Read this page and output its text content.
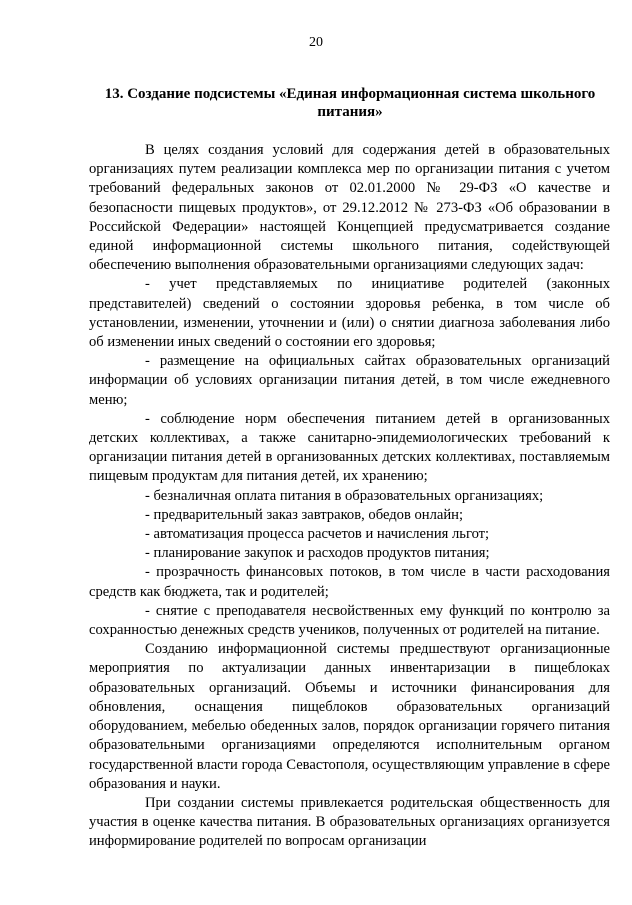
20
13. Создание подсистемы «Единая информационная система школьного питания»

В целях создания условий для содержания детей в образовательных организациях путем реализации комплекса мер по организации питания с учетом требований федеральных законов от 02.01.2000 № 29-ФЗ «О качестве и безопасности пищевых продуктов», от 29.12.2012 № 273-ФЗ «Об образовании в Российской Федерации» настоящей Концепцией предусматривается создание единой информационной системы школьного питания, содействующей обеспечению выполнения образовательными организациями следующих задач:

- учет представляемых по инициативе родителей (законных представителей) сведений о состоянии здоровья ребенка, в том числе об установлении, изменении, уточнении и (или) о снятии диагноза заболевания либо об изменении иных сведений о состоянии его здоровья;

- размещение на официальных сайтах образовательных организаций информации об условиях организации питания детей, в том числе ежедневного меню;

- соблюдение норм обеспечения питанием детей в организованных детских коллективах, а также санитарно-эпидемиологических требований к организации питания детей в организованных детских коллективах, поставляемым пищевым продуктам для питания детей, их хранению;

- безналичная оплата питания в образовательных организациях;

- предварительный заказ завтраков, обедов онлайн;

- автоматизация процесса расчетов и начисления льгот;

- планирование закупок и расходов продуктов питания;

- прозрачность финансовых потоков, в том числе в части расходования средств как бюджета, так и родителей;

- снятие с преподавателя несвойственных ему функций по контролю за сохранностью денежных средств учеников, полученных от родителей на питание.

Созданию информационной системы предшествуют организационные мероприятия по актуализации данных инвентаризации в пищеблоках образовательных организаций. Объемы и источники финансирования для обновления, оснащения пищеблоков образовательных организаций оборудованием, мебелью обеденных залов, порядок организации горячего питания образовательными организациями определяются исполнительным органом государственной власти города Севастополя, осуществляющим управление в сфере образования и науки.

При создании системы привлекается родительская общественность для участия в оценке качества питания. В образовательных организациях организуется информирование родителей по вопросам организации
